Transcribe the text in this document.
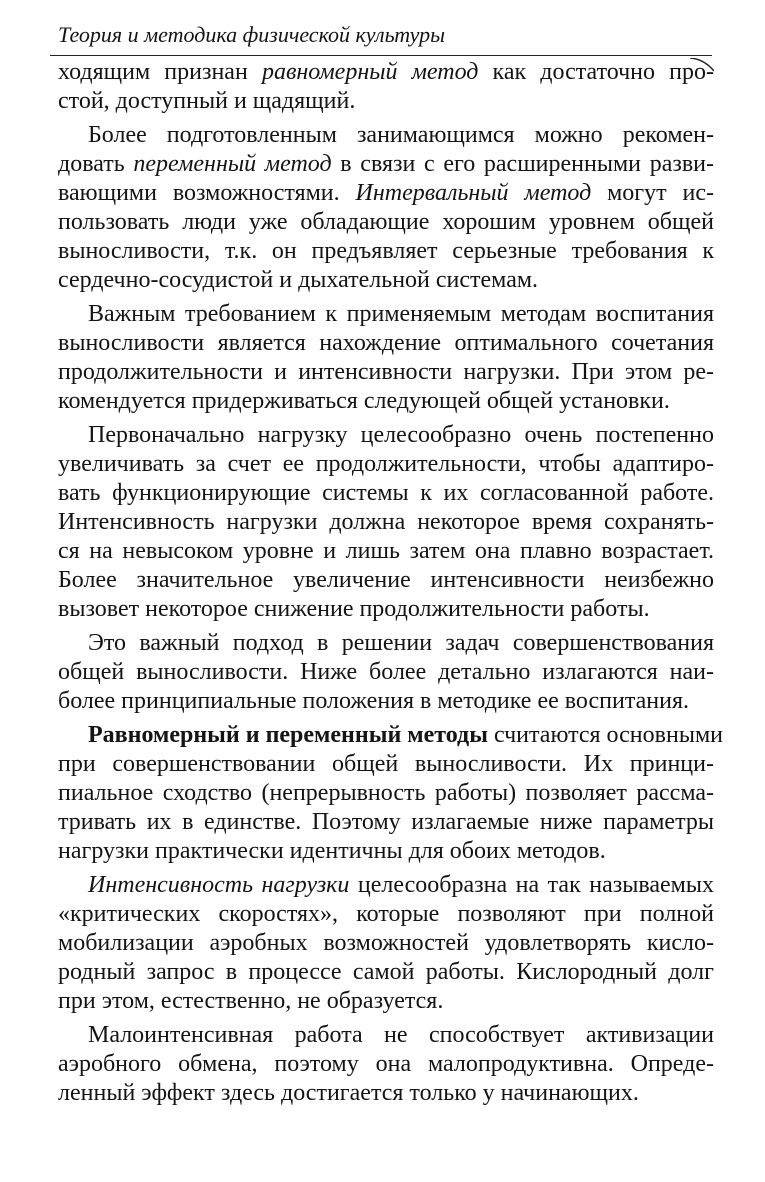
Теория и методика физической культуры
ходящим признан равномерный метод как достаточно про-
стой, доступный и щадящий.
Более подготовленным занимающимся можно рекомен-
довать переменный метод в связи с его расширенными разви-
вающими возможностями. Интервальный метод могут ис-
пользовать люди уже обладающие хорошим уровнем общей
выносливости, т.к. он предъявляет серьезные требования к
сердечно-сосудистой и дыхательной системам.
Важным требованием к применяемым методам воспитания
выносливости является нахождение оптимального сочетания
продолжительности и интенсивности нагрузки. При этом ре-
комендуется придерживаться следующей общей установки.
Первоначально нагрузку целесообразно очень постепенно
увеличивать за счет ее продолжительности, чтобы адаптиро-
вать функционирующие системы к их согласованной работе.
Интенсивность нагрузки должна некоторое время сохранять-
ся на невысоком уровне и лишь затем она плавно возрастает.
Более значительное увеличение интенсивности неизбежно
вызовет некоторое снижение продолжительности работы.
Это важный подход в решении задач совершенствования
общей выносливости. Ниже более детально излагаются наи-
более принципиальные положения в методике ее воспитания.
Равномерный и переменный методы считаются основными
при совершенствовании общей выносливости. Их принци-
пиальное сходство (непрерывность работы) позволяет рассма-
тривать их в единстве. Поэтому излагаемые ниже параметры
нагрузки практически идентичны для обоих методов.
Интенсивность нагрузки целесообразна на так называемых
«критических скоростях», которые позволяют при полной
мобилизации аэробных возможностей удовлетворять кисло-
родный запрос в процессе самой работы. Кислородный долг
при этом, естественно, не образуется.
Малоинтенсивная работа не способствует активизации
аэробного обмена, поэтому она малопродуктивна. Опреде-
ленный эффект здесь достигается только у начинающих.
